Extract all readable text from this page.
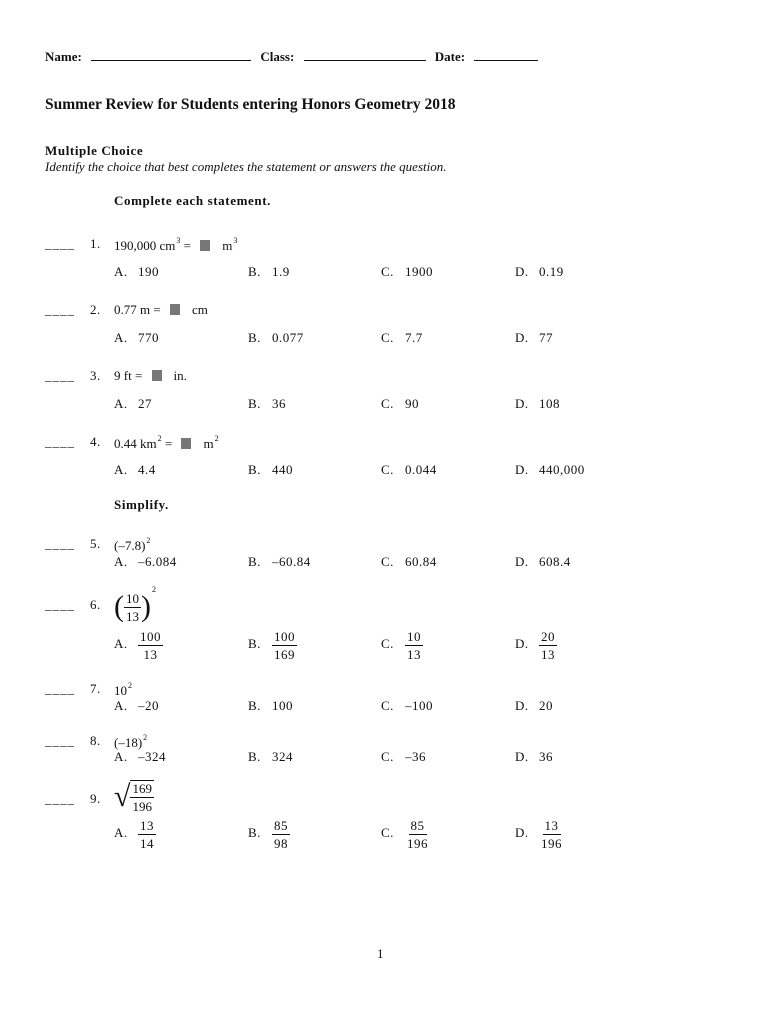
Name:	Class:	Date:
Summer Review for Students entering Honors Geometry 2018
Multiple Choice
Identify the choice that best completes the statement or answers the question.
Complete each statement.
____ 1. 190,000 $cm^3 = m^3$
A. 190	B. 1.9	C. 1900	D. 0.19
____ 2. 0.77 m = cm
A. 770	B. 0.077	C. 7.7	D. 77
____ 3. 9 ft = in.
A. 27	B. 36	C. 90	D. 108
____ 4. 0.44 $km^2 = m^2$
A. 4.4	B. 440	C. 0.044	D. 440,000
Simplify.
____ 5. $(-7.8)^2$
A. –6.084	B. –60.84	C. 60.84	D. 608.4
____ 6. ( $\frac{10}{13} )^2$
A. $\frac{100}{13}$	B. $\frac{100}{169}$	C. $\frac{10}{13}$	D. $\frac{20}{13}$
____ 7. $10^2$
A. –20	B. 100	C. –100	D. 20
____ 8. $(-18)^2$
A. –324	B. 324	C. –36	D. 36
____ 9. √ $\frac{169}{196}$
A. $\frac{13}{14}$	B. $\frac{85}{98}$	C. $\frac{85}{196}$	D. $\frac{13}{196}$
1
